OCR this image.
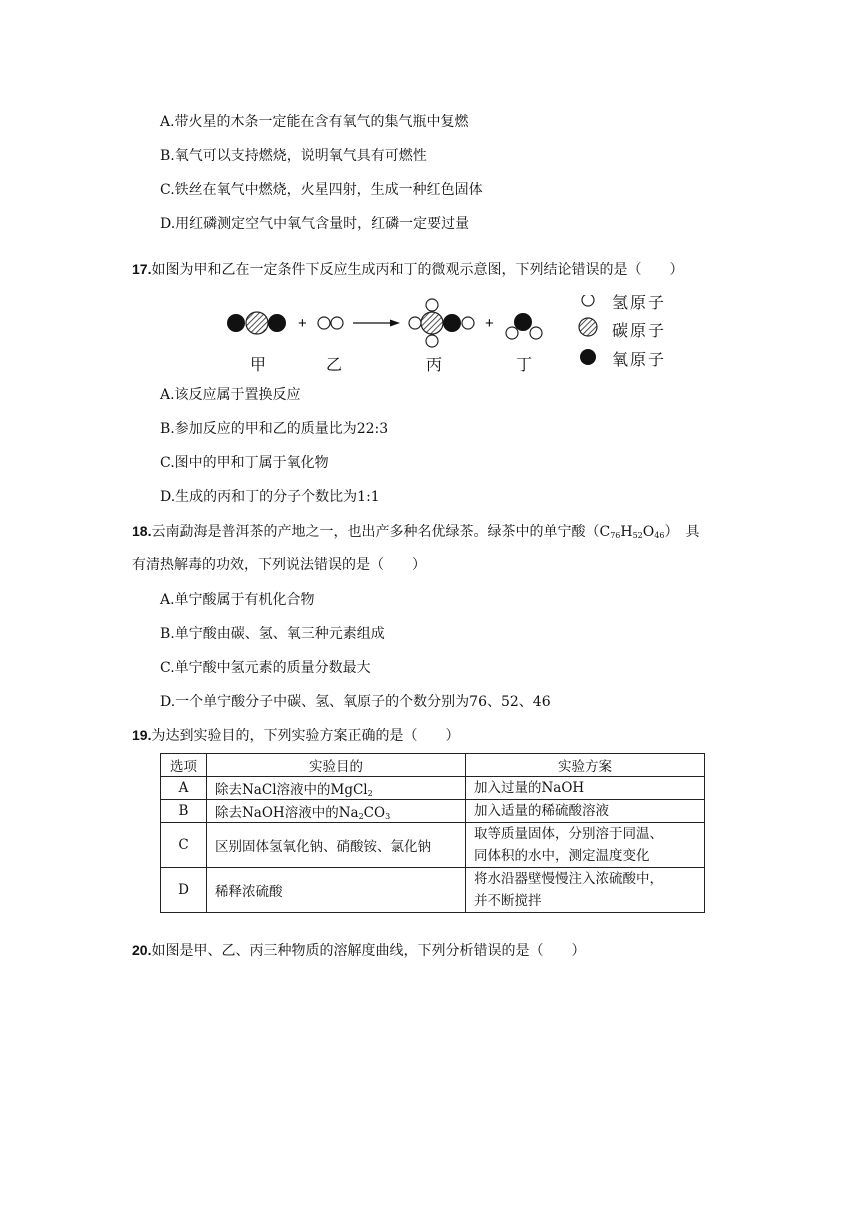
A.带火星的木条一定能在含有氧气的集气瓶中复燃
B.氧气可以支持燃烧，说明氧气具有可燃性
C.铁丝在氧气中燃烧，火星四射，生成一种红色固体
D.用红磷测定空气中氧气含量时，红磷一定要过量
17.如图为甲和乙在一定条件下反应生成丙和丁的微观示意图，下列结论错误的是（　　）
+	+
甲	乙	丙	丁
氢原子
碳原子
氧原子
A.该反应属于置换反应
B.参加反应的甲和乙的质量比为22:3
C.图中的甲和丁属于氧化物
D.生成的丙和丁的分子个数比为1:1
18.云南勐海是普洱茶的产地之一，也出产多种名优绿茶。绿茶中的单宁酸$(C_{76}H_{52}O_{46})$　具
有清热解毒的功效，下列说法错误的是（　　）
A.单宁酸属于有机化合物
B.单宁酸由碳、氢、氧三种元素组成
C.单宁酸中氢元素的质量分数最大
D.一个单宁酸分子中碳、氢、氧原子的个数分别为76、52、46
19.为达到实验目的，下列实验方案正确的是（　　）
选项	实验目的	实验方案
A	除去NaCl溶液中的MgCl$_2$	加入过量的NaOH
B	除去NaOH溶液中的$Na_2CO_3$	加入适量的稀硫酸溶液
C	区别固体氢氧化钠、硝酸铵、氯化钠	取等质量固体，分别溶于同温、
同体积的水中，测定温度变化

D	稀释浓硫酸	将水沿器壁慢慢注入浓硫酸中，
并不断搅拌
20.如图是甲、乙、丙三种物质的溶解度曲线，下列分析错误的是（　　）
